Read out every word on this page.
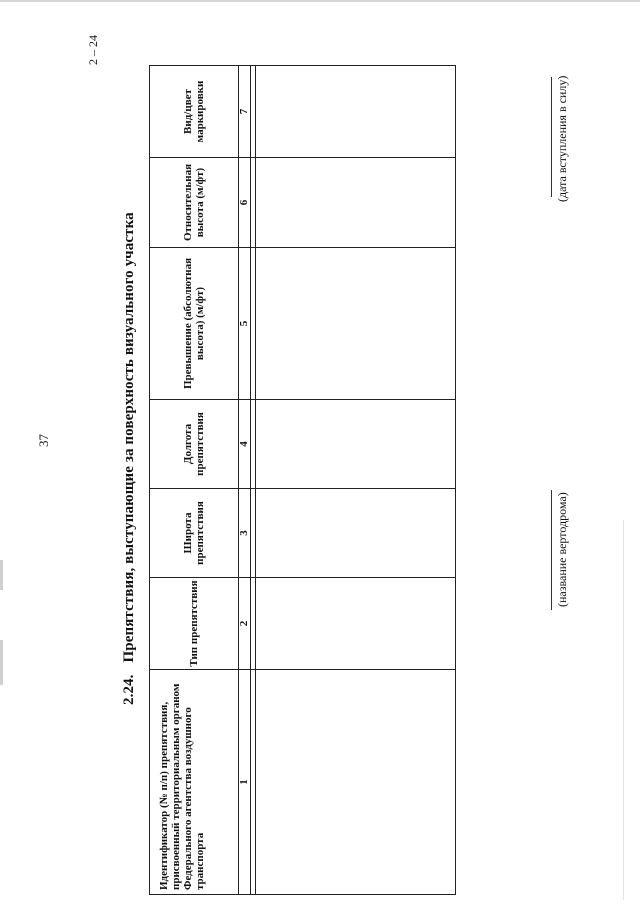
37
2 – 24
2.24.Препятствия, выступающие за поверхность визуального участка
Идентификатор (№ п/п) препятствия, присвоенный территориальным органом Федерального агентства воздушного транспорта	Тип препятствия	Широта препятствия	Долгота препятствия	Превышение (абсолютная высота) (м/фт)	Относительная высота (м/фт)	Вид/цвет маркировки
1	2	3	4	5	6	7

(название вертодрома)
(дата вступления в силу)
